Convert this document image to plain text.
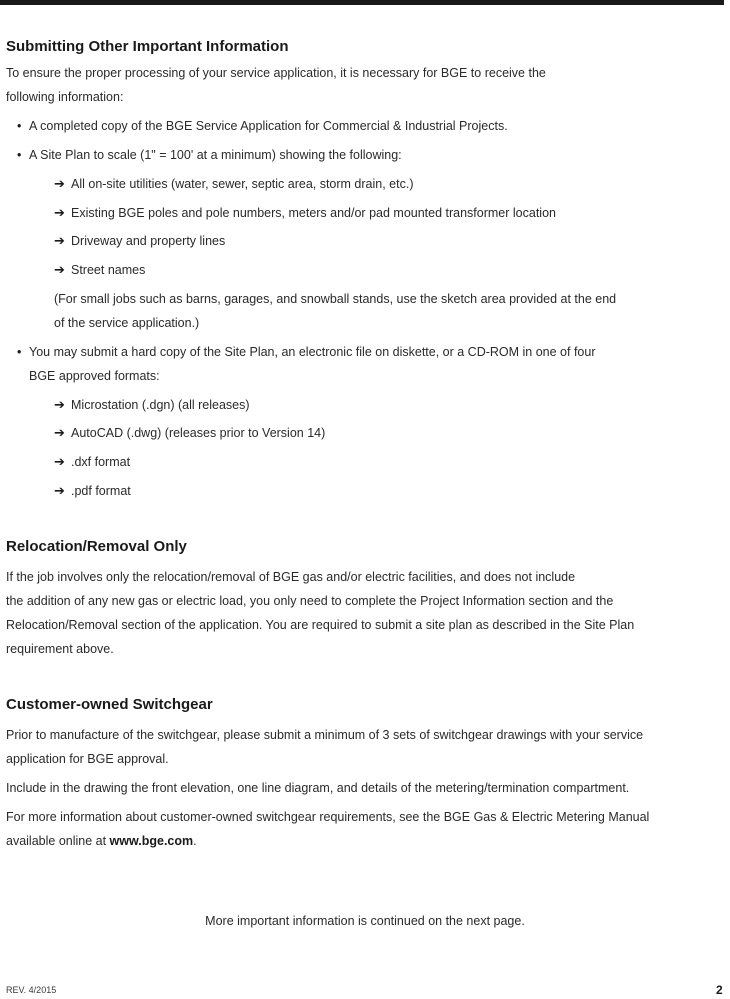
Submitting Other Important Information

To ensure the proper processing of your service application, it is necessary for BGE to receive the

following information:

• A completed copy of the BGE Service Application for Commercial & Industrial Projects.

• A Site Plan to scale (1" = 100' at a minimum) showing the following:

➔ All on-site utilities (water, sewer, septic area, storm drain, etc.)

➔ Existing BGE poles and pole numbers, meters and/or pad mounted transformer location

➔ Driveway and property lines

➔ Street names

(For small jobs such as barns, garages, and snowball stands, use the sketch area provided at the end

of the service application.)

• You may submit a hard copy of the Site Plan, an electronic file on diskette, or a CD-ROM in one of four

BGE approved formats:

➔ Microstation (.dgn) (all releases)

➔ AutoCAD (.dwg) (releases prior to Version 14)

➔ .dxf format

➔ .pdf format

Relocation/Removal Only

If the job involves only the relocation/removal of BGE gas and/or electric facilities, and does not include

the addition of any new gas or electric load, you only need to complete the Project Information section and the

Relocation/Removal section of the application. You are required to submit a site plan as described in the Site Plan

requirement above.

Customer-owned Switchgear

Prior to manufacture of the switchgear, please submit a minimum of 3 sets of switchgear drawings with your service

application for BGE approval.

Include in the drawing the front elevation, one line diagram, and details of the metering/termination compartment.

For more information about customer-owned switchgear requirements, see the BGE Gas & Electric Metering Manual

available online at www.bge.com.

More important information is continued on the next page.
REV. 4/2015	2
